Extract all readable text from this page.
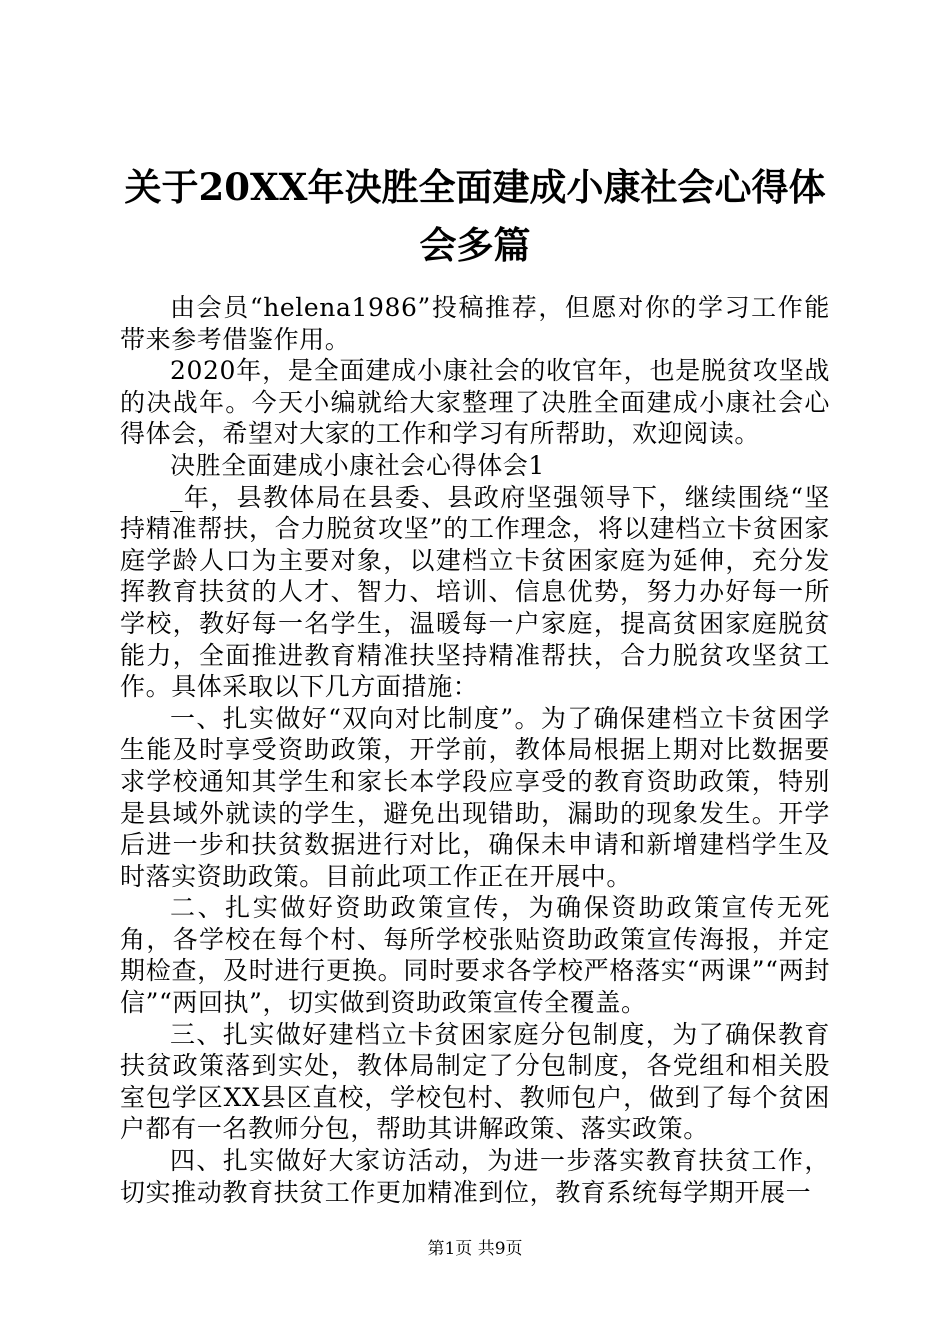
关于20XX年决胜全面建成小康社会心得体会多篇

由会员“helena1986”投稿推荐，但愿对你的学习工作能带来参考借鉴作用。

2020年，是全面建成小康社会的收官年，也是脱贫攻坚战的决战年。今天小编就给大家整理了决胜全面建成小康社会心得体会，希望对大家的工作和学习有所帮助，欢迎阅读。

决胜全面建成小康社会心得体会1

_年，县教体局在县委、县政府坚强领导下，继续围绕“坚持精准帮扶，合力脱贫攻坚”的工作理念，将以建档立卡贫困家庭学龄人口为主要对象，以建档立卡贫困家庭为延伸，充分发挥教育扶贫的人才、智力、培训、信息优势，努力办好每一所学校，教好每一名学生，温暖每一户家庭，提高贫困家庭脱贫能力，全面推进教育精准扶坚持精准帮扶，合力脱贫攻坚贫工作。具体采取以下几方面措施：

一、扎实做好“双向对比制度”。为了确保建档立卡贫困学生能及时享受资助政策，开学前，教体局根据上期对比数据要求学校通知其学生和家长本学段应享受的教育资助政策，特别是县域外就读的学生，避免出现错助，漏助的现象发生。开学后进一步和扶贫数据进行对比，确保未申请和新增建档学生及时落实资助政策。目前此项工作正在开展中。

二、扎实做好资助政策宣传，为确保资助政策宣传无死角，各学校在每个村、每所学校张贴资助政策宣传海报，并定期检查，及时进行更换。同时要求各学校严格落实“两课”“两封信”“两回执”，切实做到资助政策宣传全覆盖。

三、扎实做好建档立卡贫困家庭分包制度，为了确保教育扶贫政策落到实处，教体局制定了分包制度，各党组和相关股室包学区XX县区直校，学校包村、教师包户，做到了每个贫困户都有一名教师分包，帮助其讲解政策、落实政策。

四、扎实做好大家访活动，为进一步落实教育扶贫工作，切实推动教育扶贫工作更加精准到位，教育系统每学期开展一

第1页 共9页
